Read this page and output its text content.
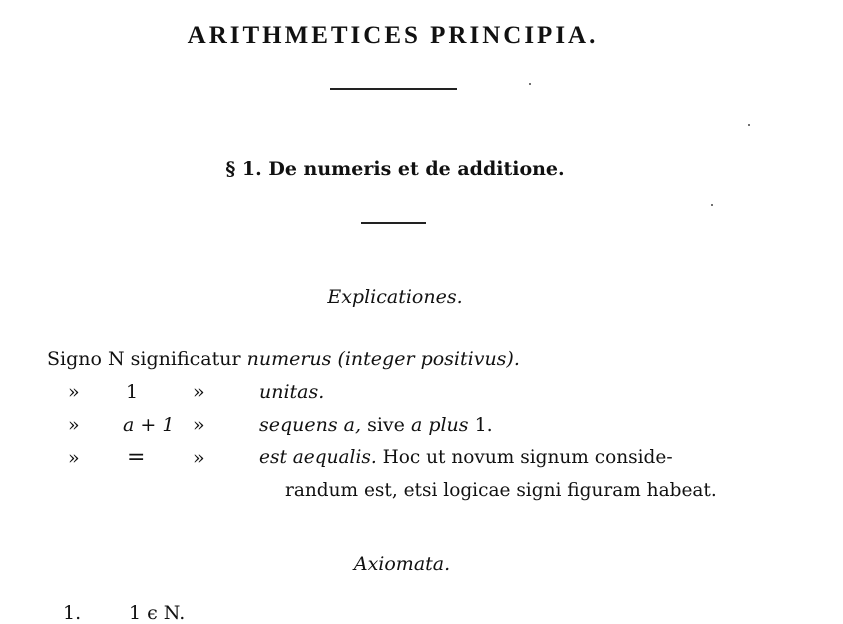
ARITHMETICES PRINCIPIA.
§ 1. De numeris et de additione.
Explicationes.
Signo N significatur numerus (integer positivus).
» 1	»	unitas.
» a + 1 »	sequens a, sive a plus 1.
» =	»	est aequalis. Hoc ut novum signum conside-
randum est, etsi logicae signi figuram habeat.
Axiomata.
1.	1 ϵ N.
